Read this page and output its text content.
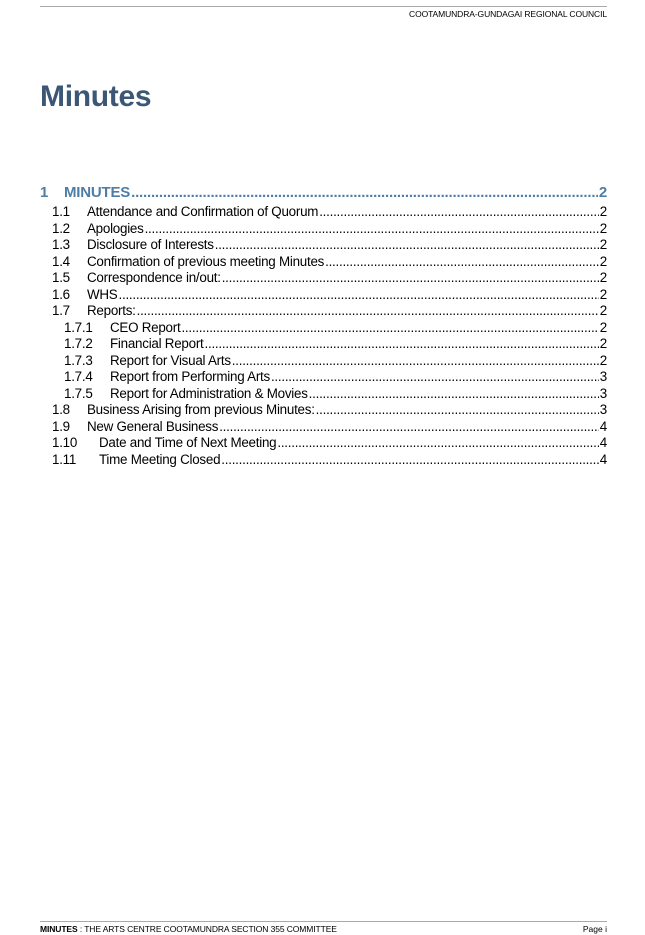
COOTAMUNDRA-GUNDAGAI REGIONAL COUNCIL
Minutes
1	MINUTES .....	2
1.1	Attendance and Confirmation of Quorum .....	2
1.2	Apologies .....	2
1.3	Disclosure of Interests .....	2
1.4	Confirmation of previous meeting Minutes .....	2
1.5	Correspondence in/out: .....	2
1.6	WHS .....	2
1.7	Reports: .....	2
1.7.1	CEO Report .....	2
1.7.2	Financial Report .....	2
1.7.3	Report for Visual Arts .....	2
1.7.4	Report from Performing Arts .....	3
1.7.5	Report for Administration & Movies .....	3
1.8	Business Arising from previous Minutes: .....	3
1.9	New General Business .....	4
1.10	Date and Time of Next Meeting .....	4
1.11	Time Meeting Closed .....	4
MINUTES : THE ARTS CENTRE COOTAMUNDRA SECTION 355 COMMITTEE	Page i
